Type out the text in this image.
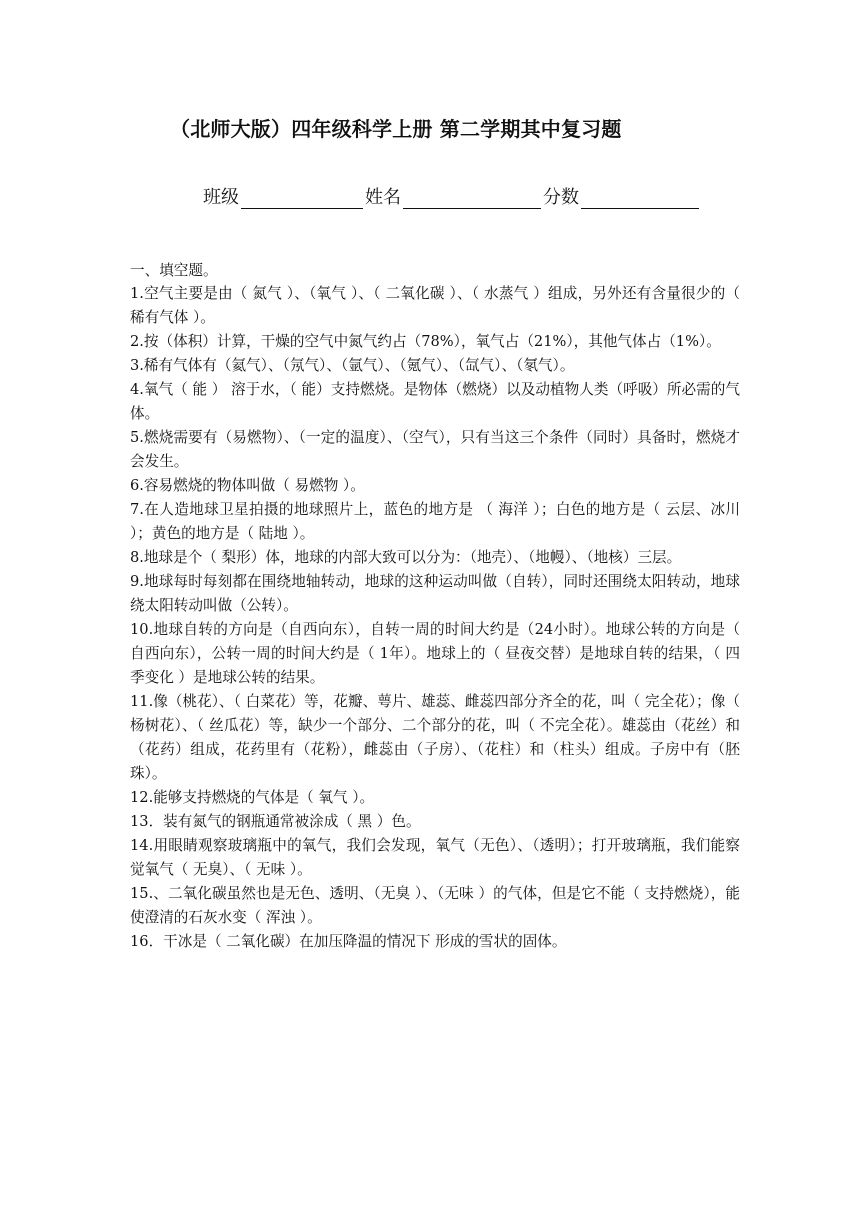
（北师大版）四年级科学上册 第二学期其中复习题
班级	姓名	分数

一、填空题。

1.空气主要是由（ 氮气 ）、（氧气 ）、（ 二氧化碳 ）、（ 水蒸气 ）组成，另外还有含量很少的（ 稀有气体 ）。

2.按（体积）计算，干燥的空气中氮气约占（78%），氧气占（21%），其他气体占（1%）。

3.稀有气体有（氦气）、（氖气）、（氩气）、（氪气）、（氙气）、（氡气）。

4.氧气（ 能 ） 溶于水，（ 能）支持燃烧。是物体（燃烧）以及动植物人类（呼吸）所必需的气体。

5.燃烧需要有（易燃物）、（一定的温度）、（空气），只有当这三个条件（同时）具备时，燃烧才会发生。

6.容易燃烧的物体叫做（ 易燃物 ）。

7.在人造地球卫星拍摄的地球照片上，蓝色的地方是 （ 海洋 ）；白色的地方是（ 云层、冰川 ）；黄色的地方是（ 陆地 ）。

8.地球是个（ 梨形）体，地球的内部大致可以分为：（地壳）、（地幔）、（地核）三层。

9.地球每时每刻都在围绕地轴转动，地球的这种运动叫做（自转），同时还围绕太阳转动，地球绕太阳转动叫做（公转）。

10.地球自转的方向是（自西向东），自转一周的时间大约是（24小时）。地球公转的方向是（ 自西向东），公转一周的时间大约是（ 1年）。地球上的（ 昼夜交替）是地球自转的结果，（ 四季变化 ）是地球公转的结果。

11.像（桃花）、（ 白菜花）等，花瓣、萼片、雄蕊、雌蕊四部分齐全的花，叫（ 完全花）；像（ 杨树花）、（ 丝瓜花）等，缺少一个部分、二个部分的花，叫（ 不完全花）。雄蕊由（花丝）和（花药）组成，花药里有（花粉），雌蕊由（子房）、（花柱）和（柱头）组成。子房中有（胚珠）。

12.能够支持燃烧的气体是（ 氧气 ）。

13．装有氮气的钢瓶通常被涂成（ 黑 ）色。

14.用眼睛观察玻璃瓶中的氧气，我们会发现，氧气（无色）、（透明）；打开玻璃瓶，我们能察觉氧气（ 无臭）、（ 无味 ）。

15.、二氧化碳虽然也是无色、透明、（无臭 ）、（无味 ）的气体，但是它不能（ 支持燃烧），能使澄清的石灰水变（ 浑浊 ）。

16．干冰是（ 二氧化碳）在加压降温的情况下 形成的雪状的固体。
